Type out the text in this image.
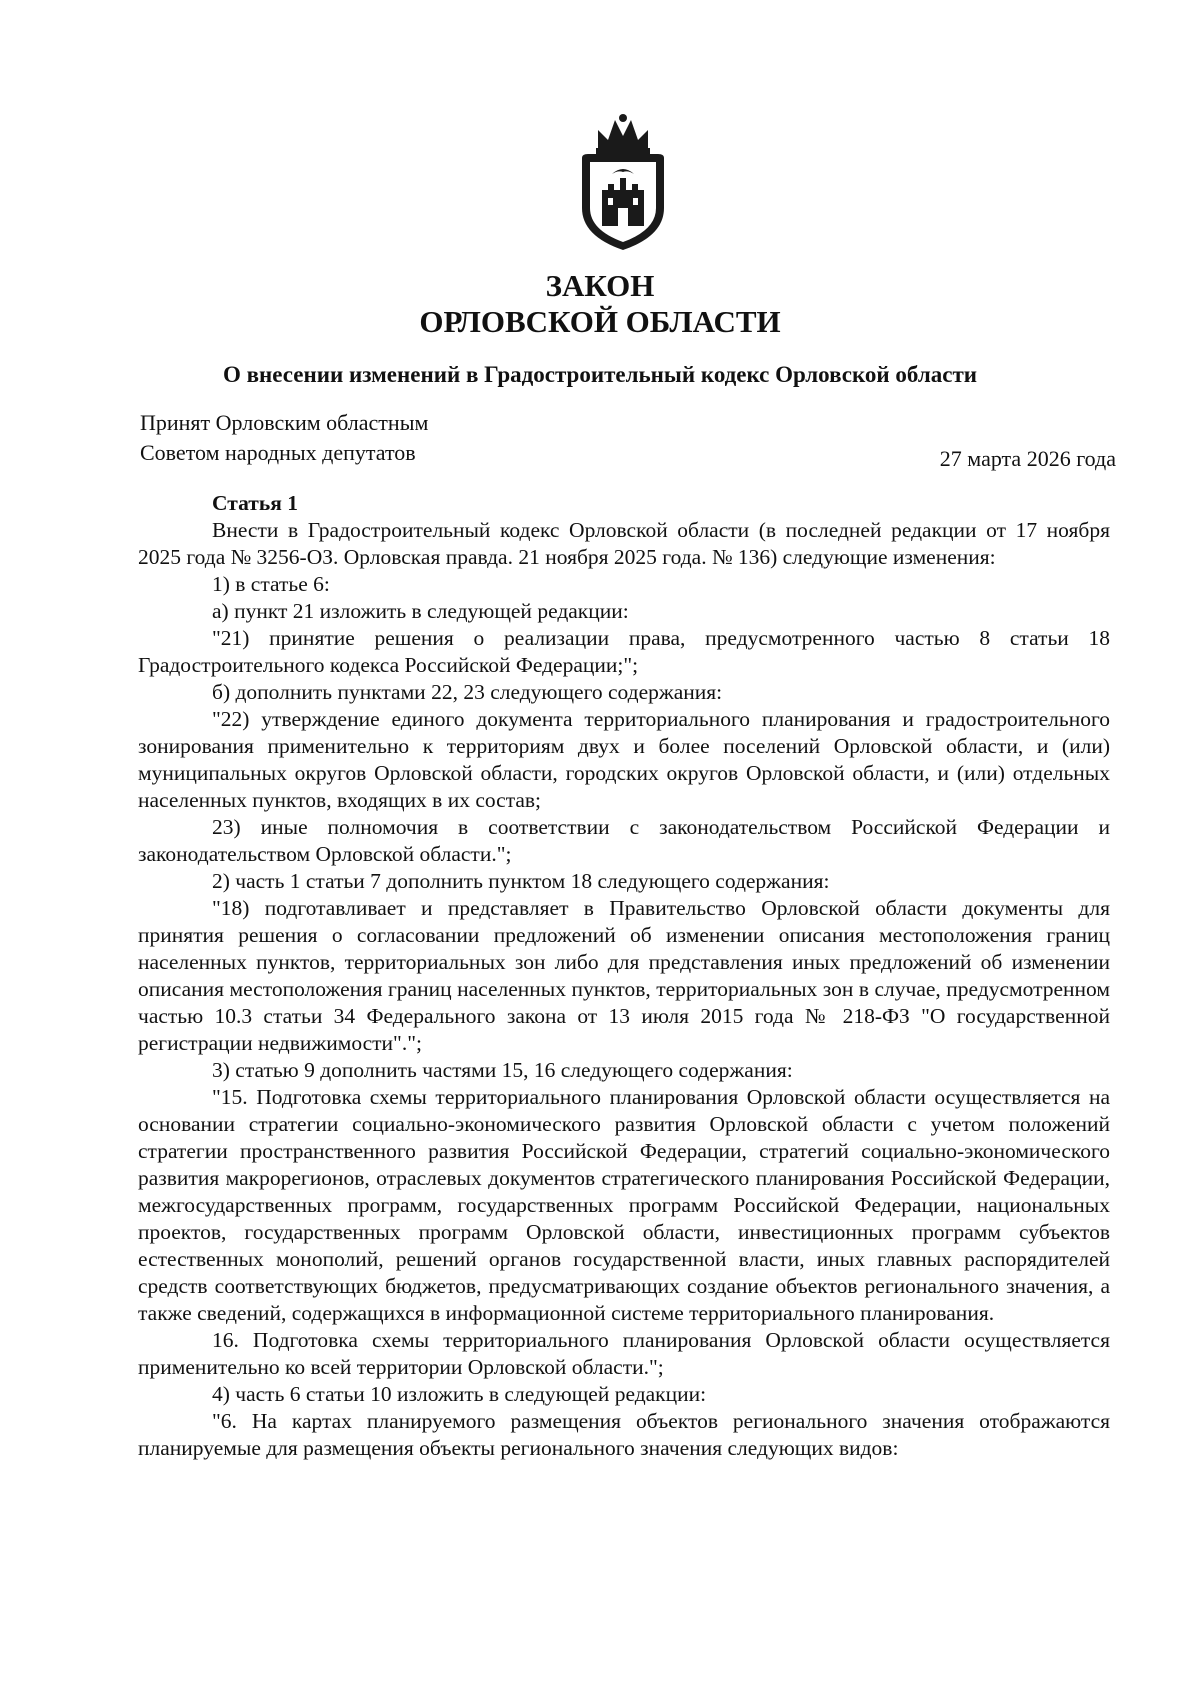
ЗАКОН
ОРЛОВСКОЙ ОБЛАСТИ
О внесении изменений в Градостроительный кодекс Орловской области
Принят Орловским областным
Советом народных депутатов	27 марта 2026 года
Статья 1

Внести в Градостроительный кодекс Орловской области (в последней редакции от 17 ноября 2025 года № 3256-ОЗ. Орловская правда. 21 ноября 2025 года. № 136) следующие изменения:

1) в статье 6:

а) пункт 21 изложить в следующей редакции:

"21) принятие решения о реализации права, предусмотренного частью 8 статьи 18 Градостроительного кодекса Российской Федерации;";

б) дополнить пунктами 22, 23 следующего содержания:

"22) утверждение единого документа территориального планирования и градостроительного зонирования применительно к территориям двух и более поселений Орловской области, и (или) муниципальных округов Орловской области, городских округов Орловской области, и (или) отдельных населенных пунктов, входящих в их состав;

23) иные полномочия в соответствии с законодательством Российской Федерации и законодательством Орловской области.";

2) часть 1 статьи 7 дополнить пунктом 18 следующего содержания:

"18) подготавливает и представляет в Правительство Орловской области документы для принятия решения о согласовании предложений об изменении описания местоположения границ населенных пунктов, территориальных зон либо для представления иных предложений об изменении описания местоположения границ населенных пунктов, территориальных зон в случае, предусмотренном частью 10.3 статьи 34 Федерального закона от 13 июля 2015 года № 218-ФЗ "О государственной регистрации недвижимости".";

3) статью 9 дополнить частями 15, 16 следующего содержания:

"15. Подготовка схемы территориального планирования Орловской области осуществляется на основании стратегии социально-экономического развития Орловской области с учетом положений стратегии пространственного развития Российской Федерации, стратегий социально-экономического развития макрорегионов, отраслевых документов стратегического планирования Российской Федерации, межгосударственных программ, государственных программ Российской Федерации, национальных проектов, государственных программ Орловской области, инвестиционных программ субъектов естественных монополий, решений органов государственной власти, иных главных распорядителей средств соответствующих бюджетов, предусматривающих создание объектов регионального значения, а также сведений, содержащихся в информационной системе территориального планирования.

16. Подготовка схемы территориального планирования Орловской области осуществляется применительно ко всей территории Орловской области.";

4) часть 6 статьи 10 изложить в следующей редакции:

"6. На картах планируемого размещения объектов регионального значения отображаются планируемые для размещения объекты регионального значения следующих видов:
